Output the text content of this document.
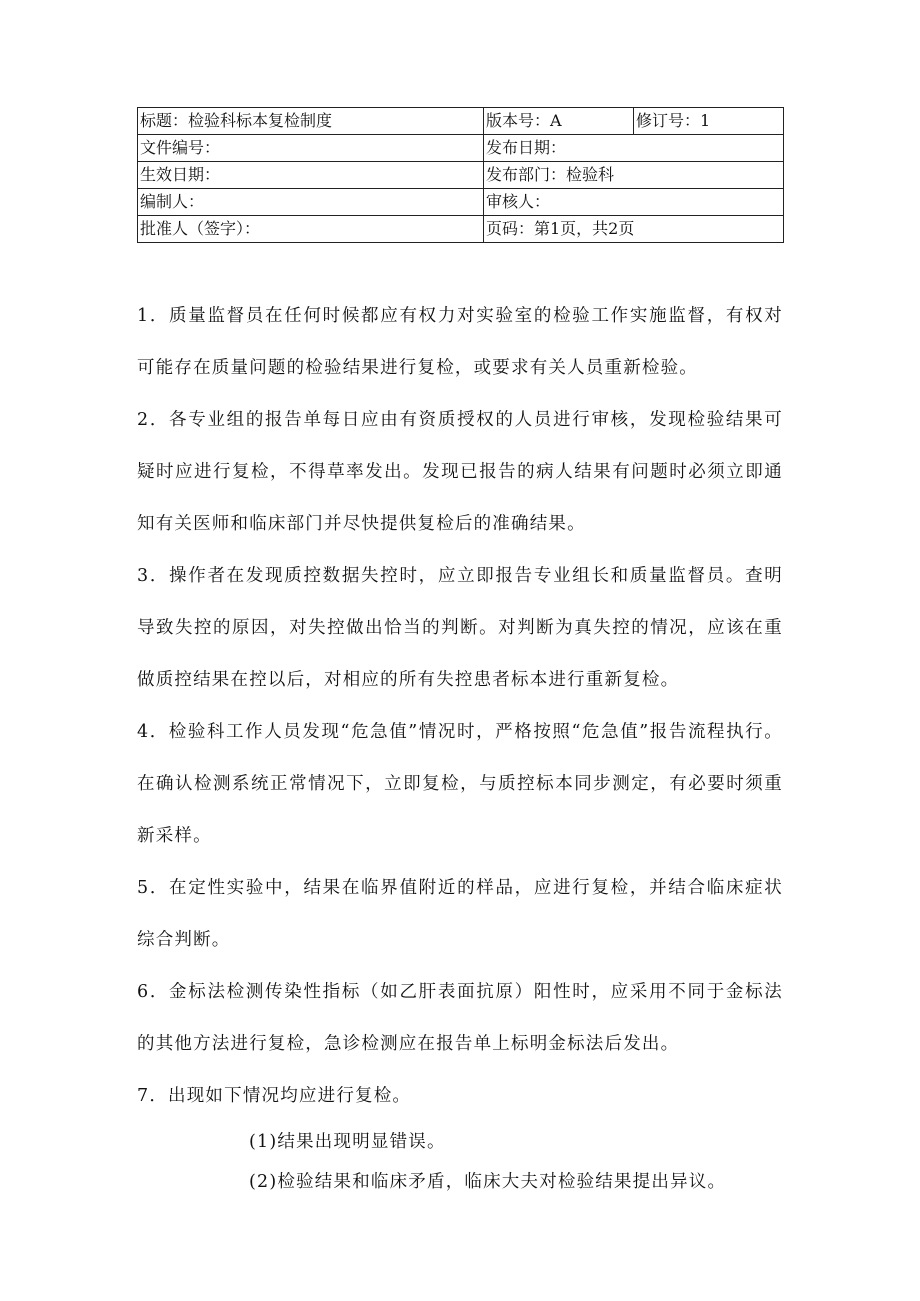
标题：检验科标本复检制度	版本号：A	修订号：1
文件编号：	发布日期：	
生效日期：	发布部门：检验科	
编制人：	审核人：	
批准人（签字）：	页码：第1页，共2页	

1．质量监督员在任何时候都应有权力对实验室的检验工作实施监督，有权对可能存在质量问题的检验结果进行复检，或要求有关人员重新检验。

2．各专业组的报告单每日应由有资质授权的人员进行审核，发现检验结果可疑时应进行复检，不得草率发出。发现已报告的病人结果有问题时必须立即通知有关医师和临床部门并尽快提供复检后的准确结果。

3．操作者在发现质控数据失控时，应立即报告专业组长和质量监督员。查明导致失控的原因，对失控做出恰当的判断。对判断为真失控的情况，应该在重做质控结果在控以后，对相应的所有失控患者标本进行重新复检。

4．检验科工作人员发现“危急值”情况时，严格按照“危急值”报告流程执行。在确认检测系统正常情况下，立即复检，与质控标本同步测定，有必要时须重新采样。

5．在定性实验中，结果在临界值附近的样品，应进行复检，并结合临床症状综合判断。

6．金标法检测传染性指标（如乙肝表面抗原）阳性时，应采用不同于金标法的其他方法进行复检，急诊检测应在报告单上标明金标法后发出。

7．出现如下情况均应进行复检。

(1)结果出现明显错误。

(2)检验结果和临床矛盾，临床大夫对检验结果提出异议。
